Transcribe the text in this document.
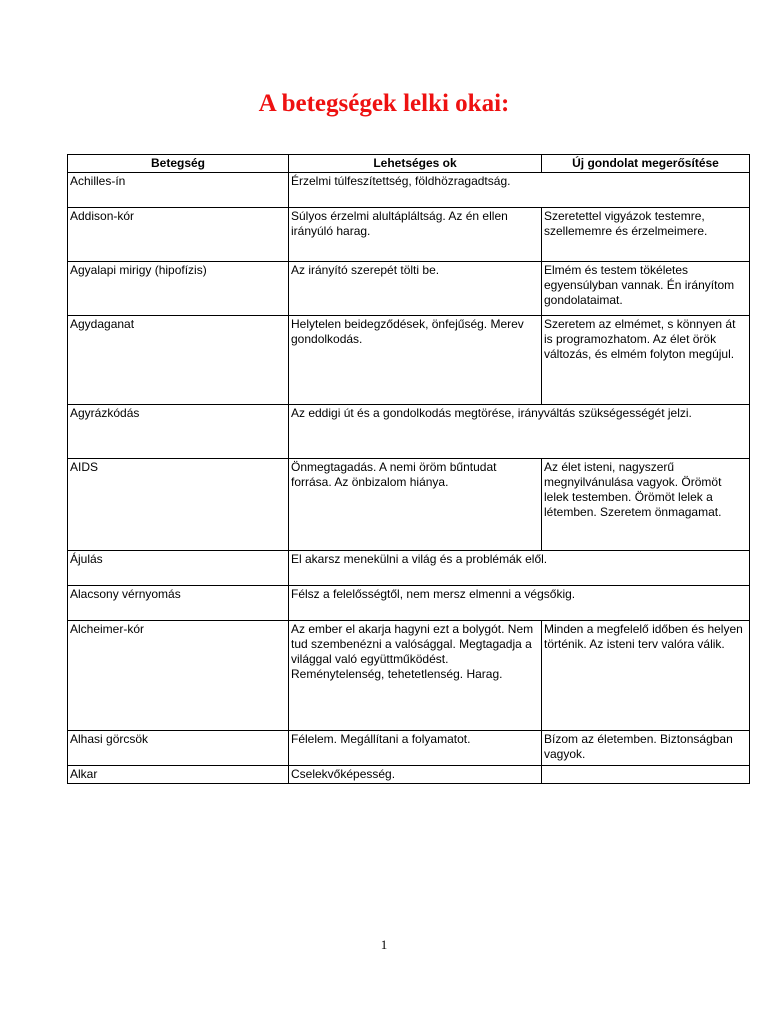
A betegségek lelki okai:
Betegség	Lehetséges ok	Új gondolat megerősítése
Achilles-ín	Érzelmi túlfeszítettség, földhözragadtság.	
Addison-kór	Súlyos érzelmi alultápláltság. Az én ellen irányúló harag.	Szeretettel vigyázok testemre, szellememre és érzelmeimere.
Agyalapi mirigy (hipofízis)	Az irányító szerepét tölti be.	Elmém és testem tökéletes egyensúlyban vannak. Én irányítom gondolataimat.
Agydaganat	Helytelen beidegződések, önfejűség. Merev gondolkodás.	Szeretem az elmémet, s könnyen át is programozhatom. Az élet örök változás, és elmém folyton megújul.
Agyrázkódás	Az eddigi út és a gondolkodás megtörése, irányváltás szükségességét jelzi.	
AIDS	Önmegtagadás. A nemi öröm bűntudat forrása. Az önbizalom hiánya.	Az élet isteni, nagyszerű megnyilvánulása vagyok. Örömöt lelek testemben. Örömöt lelek a létemben. Szeretem önmagamat.
Ájulás	El akarsz menekülni a világ és a problémák elől.	
Alacsony vérnyomás	Félsz a felelősségtől, nem mersz elmenni a végsőkig.	
Alcheimer-kór	Az ember el akarja hagyni ezt a bolygót. Nem tud szembenézni a valósággal. Megtagadja a világgal való együttműködést. Reménytelenség, tehetetlenség. Harag.	Minden a megfelelő időben és helyen történik. Az isteni terv valóra válik.
Alhasi görcsök	Félelem. Megállítani a folyamatot.	Bízom az életemben. Biztonságban vagyok.
Alkar	Cselekvőképesség.	
1
